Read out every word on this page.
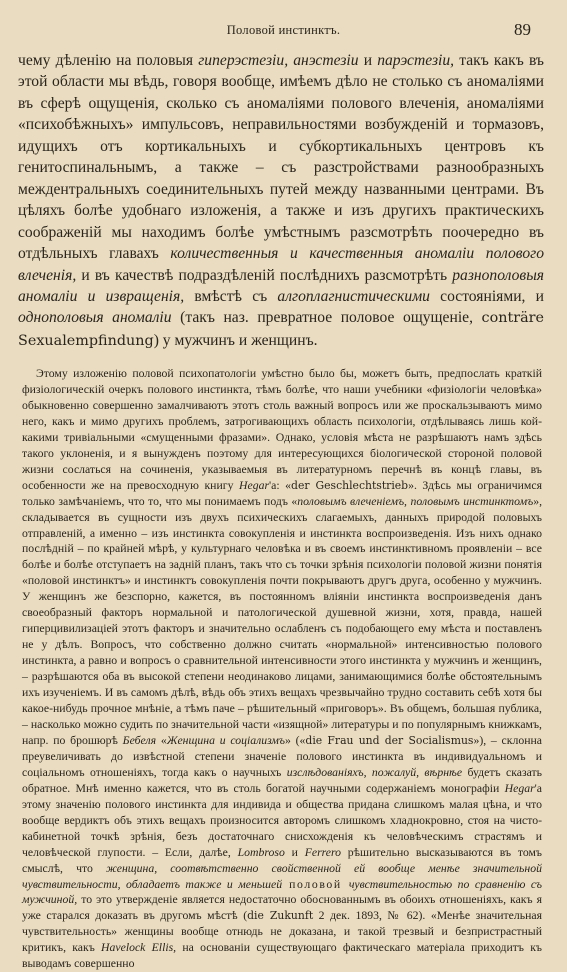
Половой инстинктъ.	89

чему дѣленію на половыя гиперэстезіи, анэстезіи и парэстезіи, такъ какъ въ этой области мы вѣдь, говоря вообще, имѣемъ дѣло не столько съ аномаліями въ сферѣ ощущенія, сколько съ аномаліями полового влеченія, аномаліями «психобѣжныхъ» импульсовъ, неправильностями возбужденій и тормазовъ, идущихъ отъ кортикальныхъ и субкортикальныхъ центровъ къ генитоспинальнымъ, а также – съ разстройствами разнообразныхъ междентральныхъ соединительныхъ путей между названными центрами. Въ цѣляхъ болѣе удобнаго изложенія, а также и изъ другихъ практическихъ соображеній мы находимъ болѣе умѣстнымъ разсмотрѣть поочередно въ отдѣльныхъ главахъ количественныя и качественныя аномаліи полового влеченія, и въ качествѣ подраздѣленій послѣднихъ разсмотрѣть разнополовыя аномаліи и извращенія, вмѣстѣ съ алгоплагнистическими состояніями, и однополовыя аномаліи (такъ наз. превратное половое ощущеніе, conträre Sexualempfindung) у мужчинъ и женщинъ.

Этому изложенію половой психопатологіи умѣстно было бы, можетъ быть, предпослать краткій физіологическій очеркъ полового инстинкта, тѣмъ болѣе, что наши учебники «физіологіи человѣка» обыкновенно совершенно замалчиваютъ этотъ столь важный вопросъ или же проскальзываютъ мимо него, какъ и мимо другихъ проблемъ, затрогивающихъ область психологіи, отдѣлываясь лишь кой-какими тривіальными «смущенными фразами». Однако, условія мѣста не разрѣшаютъ намъ здѣсь такого уклоненія, и я вынужденъ поэтому для интересующихся біологической стороной половой жизни сослаться на сочиненія, указываемыя въ литературномъ перечнѣ въ концѣ главы, въ особенности же на превосходную книгу Hegar'a: «der Geschlechtstrieb». Здѣсь мы ограничимся только замѣчаніемъ, что то, что мы понимаемъ подъ «половымъ влеченіемъ, половымъ инстинктомъ», складывается въ сущности изъ двухъ психическихъ слагаемыхъ, данныхъ природой половыхъ отправленій, а именно – изъ инстинкта совокупленія и инстинкта воспроизведенія. Изъ нихъ однако послѣдній – по крайней мѣрѣ, у культурнаго человѣка и въ своемъ инстинктивномъ проявленіи – все болѣе и болѣе отступаетъ на задній планъ, такъ что съ точки зрѣнія психологіи половой жизни понятія «половой инстинктъ» и инстинктъ совокупленія почти покрываютъ другъ друга, особенно у мужчинъ. У женщинъ же безспорно, кажется, въ постоянномъ вліяніи инстинкта воспроизведенія данъ своеобразный факторъ нормальной и патологической душевной жизни, хотя, правда, нашей гиперцивилизаціей этотъ факторъ и значительно ослабленъ съ подобающего ему мѣста и поставленъ не у дѣлъ. Вопросъ, что собственно должно считать «нормальной» интенсивностью полового инстинкта, а равно и вопросъ о сравнительной интенсивности этого инстинкта у мужчинъ и женщинъ, – разрѣшаются оба въ высокой степени неодинаково лицами, занимающимися болѣе обстоятельнымъ ихъ изученіемъ. И въ самомъ дѣлѣ, вѣдь объ этихъ вещахъ чрезвычайно трудно составить себѣ хотя бы какое-нибудь прочное мнѣніе, а тѣмъ паче – рѣшительный «приговоръ». Въ общемъ, большая публика, – насколько можно судить по значительной части «изящной» литературы и по популярнымъ книжкамъ, напр. по брошюрѣ Бебеля «Женщина и соціализмъ» («die Frau und der Socialismus»), – склонна преувеличивать до извѣстной степени значеніе полового инстинкта въ индивидуальномъ и соціальномъ отношеніяхъ, тогда какъ о научныхъ изслѣдованіяхъ, пожалуй, вѣрнѣе будетъ сказать обратное. Мнѣ именно кажется, что въ столь богатой научными содержаніемъ монографіи Hegar'a этому значенію полового инстинкта для индивида и общества придана слишкомъ малая цѣна, и что вообще вердиктъ объ этихъ вещахъ произносится авторомъ слишкомъ хладнокровно, стоя на чисто-кабинетной точкѣ зрѣнія, безъ достаточнаго снисхожденія къ человѣческимъ страстямъ и человѣческой глупости. – Если, далѣе, Lombroso и Ferrero рѣшительно высказываются въ томъ смыслѣ, что женщина, соотвѣтственно свойственной ей вообще менѣе значительной чувствительности, обладаетъ также и меньшей половой чувствительностью по сравненію съ мужчиной, то это утвержденіе является недостаточно обоснованнымъ въ обоихъ отношеніяхъ, какъ я уже старался доказать въ другомъ мѣстѣ (die Zukunft 2 дек. 1893, № 62). «Менѣе значительная чувствительность» женщины вообще отнюдь не доказана, и такой трезвый и безпристрастный критикъ, какъ Havelock Ellis, на основаніи существующаго фактическаго матеріала приходитъ къ выводамъ совершенно
